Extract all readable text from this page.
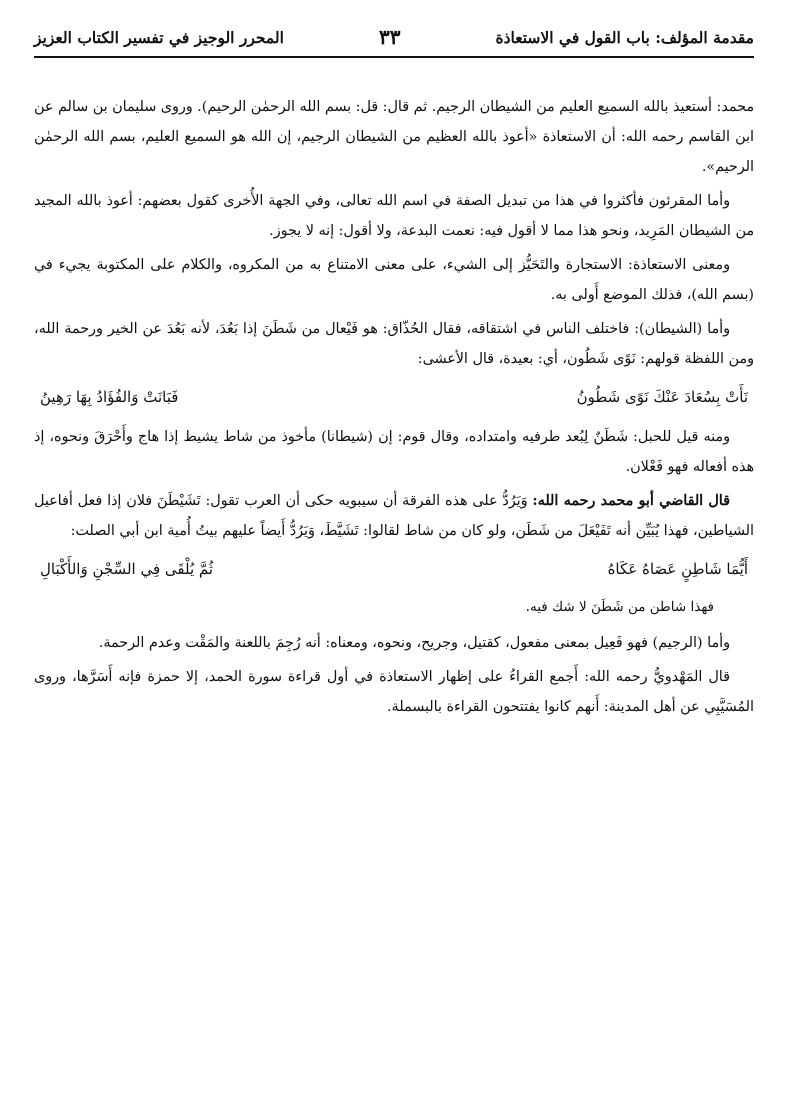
مقدمة المؤلف: باب القول في الاستعاذة
٣٣
المحرر الوجيز في تفسير الكتاب العزيز

محمد: أستعيذ بالله السميع العليم من الشيطان الرجيم. ثم قال: قل: بسم الله الرحمٰن الرحيم). وروى سليمان بن سالم عن ابن القاسم رحمه الله: أن الاستعاذة «أعوذ بالله العظيم من الشيطان الرجيم، إن الله هو السميع العليم، بسم الله الرحمٰن الرحيم».

وأما المقرئون فأكثروا في هذا من تبديل الصفة في اسم الله تعالى، وفي الجهة الأُخرى كقول بعضهم: أعوذ بالله المجيد من الشيطان المَرِيد، ونحو هذا مما لا أقول فيه: نعمت البدعة، ولا أقول: إنه لا يجوز.

ومعنى الاستعاذة: الاستجارة والتَحَيُّز إلى الشيء، على معنى الامتناع به من المكروه، والكلام على المكتوبة يجيء في (بسم الله)، فذلك الموضع أَولى به.

وأما (الشيطان): فاختلف الناس في اشتقاقه، فقال الحُذّاق: هو فَيْعال من شَطَنَ إذا بَعُدَ، لأنه بَعُدَ عن الخير ورحمة الله، ومن اللفظة قولهم: نَوًى شَطُون، أي: بعيدة، قال الأعشى:

نَأَتْ بِسُعَادَ عَنْكَ نَوًى شَطُونُ
فَبَانَتْ وَالفُؤَادُ بِهَا رَهِينُ

ومنه قيل للحبل: شَطَنٌ لِبُعد طرفيه وامتداده، وقال قوم: إن (شيطانا) مأخوذ من شاط يشيط إذا هاج وأَحْرَقَ ونحوه، إذ هذه أفعاله فهو فَعْلان.

قال القاضي أبو محمد رحمه الله: وَيَرُدُّ على هذه الفرقة أن سيبويه حكى أن العرب تقول: تَشَيْطَنَ فلان إذا فعل أفاعيل الشياطين، فهذا يُبَيِّن أنه تَفَيْعَلَ من شَطَن، ولو كان من شاط لقالوا: تَشَيَّطَ، وَيَرُدُّ أَيضاً عليهم بيتُ أُمية ابن أبي الصلت:

أَيُّمَا شَاطِنٍ عَصَاهُ عَكَاهُ
ثُمَّ يُلْقَى فِي السِّجْنِ وَالأَكْبَالِ
فهذا شاطن من شَطَنَ لا شك فيه.

وأما (الرجيم) فهو فَعِيل بمعنى مفعول، كقتيل، وجريح، ونحوه، ومعناه: أنه رُجِمَ باللعنة والمَقْت وعدم الرحمة.

قال المَهْدويُّ رحمه الله: أَجمع القراءُ على إظهار الاستعاذة في أول قراءة سورة الحمد، إلا حمزة فإنه أَسَرَّها، وروى المُسَيَّبِي عن أهل المدينة: أَنهم كانوا يفتتحون القراءة بالبسملة.
